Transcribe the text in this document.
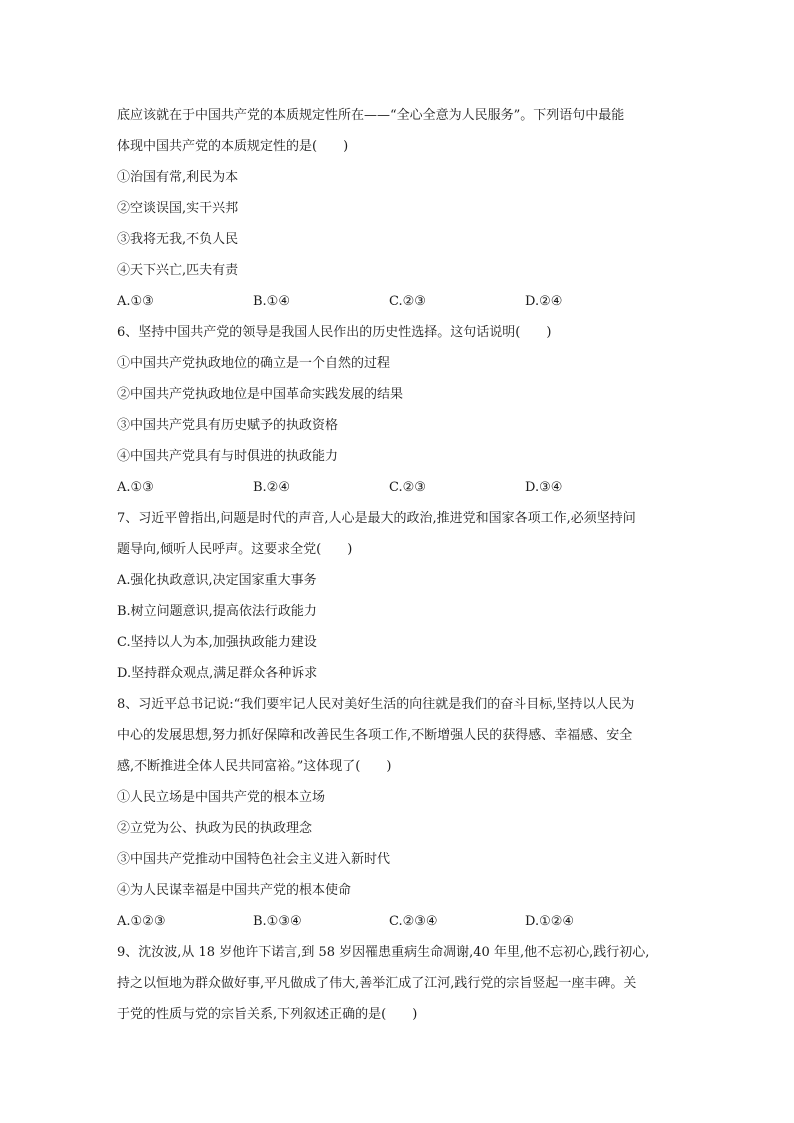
底应该就在于中国共产党的本质规定性所在——“全心全意为人民服务”。下列语句中最能
体现中国共产党的本质规定性的是(　　)
①治国有常,利民为本
②空谈误国,实干兴邦
③我将无我,不负人民
④天下兴亡,匹夫有责
A.①③	B.①④	C.②③	D.②④
6、坚持中国共产党的领导是我国人民作出的历史性选择。这句话说明(　　)
①中国共产党执政地位的确立是一个自然的过程
②中国共产党执政地位是中国革命实践发展的结果
③中国共产党具有历史赋予的执政资格
④中国共产党具有与时俱进的执政能力
A.①③	B.②④	C.②③	D.③④
7、习近平曾指出,问题是时代的声音,人心是最大的政治,推进党和国家各项工作,必须坚持问
题导向,倾听人民呼声。这要求全党(　　)
A.强化执政意识,决定国家重大事务
B.树立问题意识,提高依法行政能力
C.坚持以人为本,加强执政能力建设
D.坚持群众观点,满足群众各种诉求
8、习近平总书记说:“我们要牢记人民对美好生活的向往就是我们的奋斗目标,坚持以人民为
中心的发展思想,努力抓好保障和改善民生各项工作,不断增强人民的获得感、幸福感、安全
感,不断推进全体人民共同富裕。”这体现了(　　)
①人民立场是中国共产党的根本立场
②立党为公、执政为民的执政理念
③中国共产党推动中国特色社会主义进入新时代
④为人民谋幸福是中国共产党的根本使命
A.①②③	B.①③④	C.②③④	D.①②④
9、沈汝波,从 18 岁他许下诺言,到 58 岁因罹患重病生命凋谢,40 年里,他不忘初心,践行初心,
持之以恒地为群众做好事,平凡做成了伟大,善举汇成了江河,践行党的宗旨竖起一座丰碑。关
于党的性质与党的宗旨关系,下列叙述正确的是(　　)
